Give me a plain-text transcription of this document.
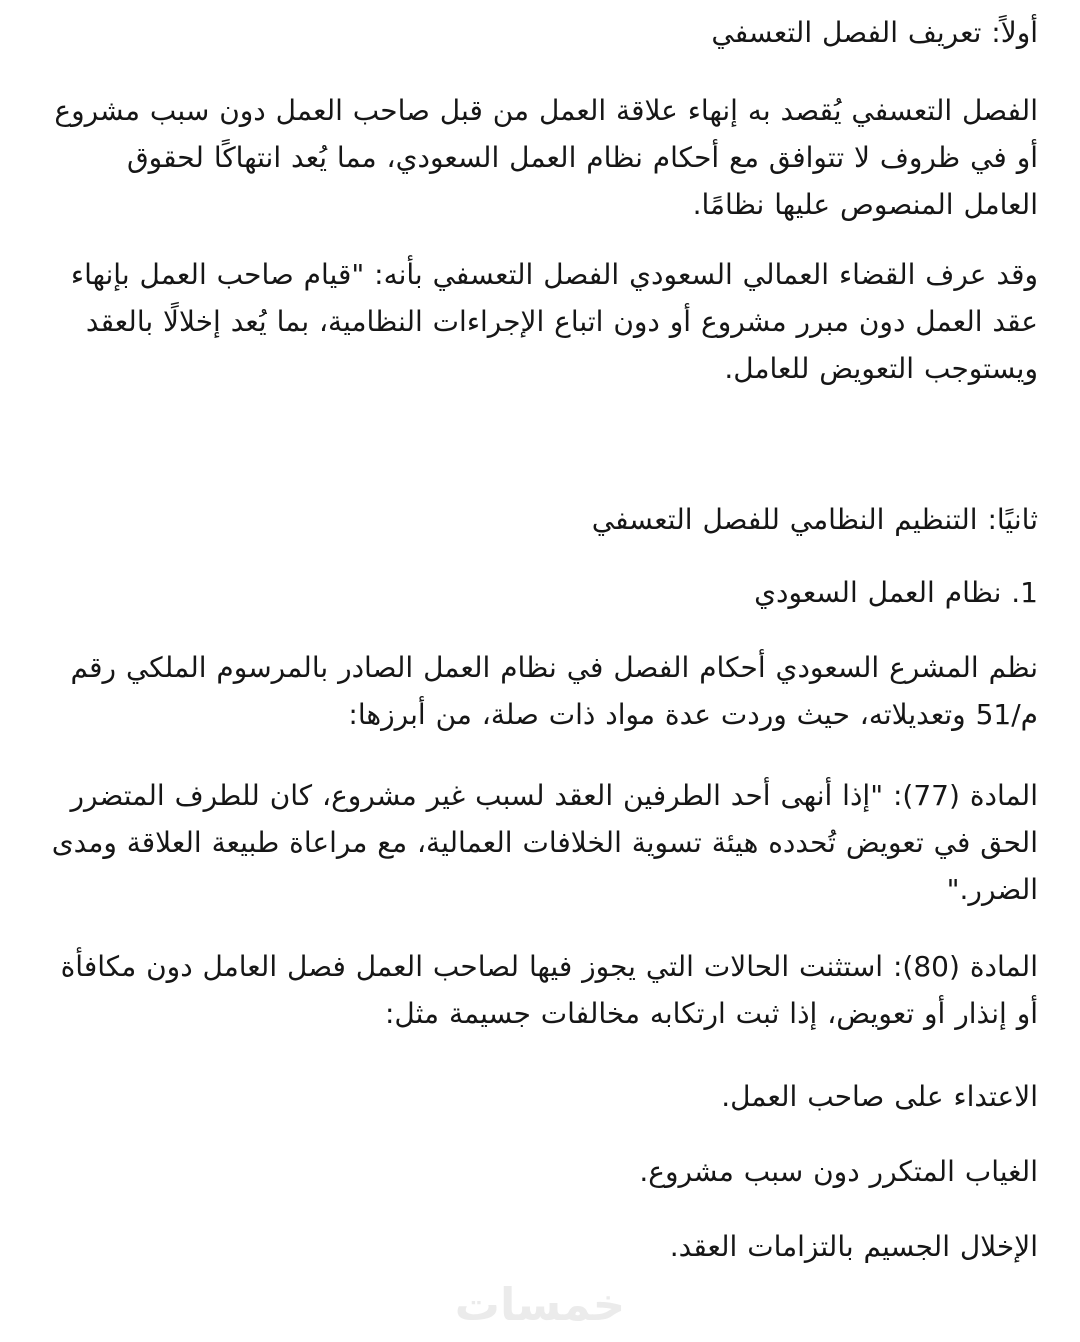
أولاً: تعريف الفصل التعسفي

الفصل التعسفي يُقصد به إنهاء علاقة العمل من قبل صاحب العمل دون سبب مشروع أو في ظروف لا تتوافق مع أحكام نظام العمل السعودي، مما يُعد انتهاكًا لحقوق العامل المنصوص عليها نظامًا.

وقد عرف القضاء العمالي السعودي الفصل التعسفي بأنه: "قيام صاحب العمل بإنهاء عقد العمل دون مبرر مشروع أو دون اتباع الإجراءات النظامية، بما يُعد إخلالًا بالعقد ويستوجب التعويض للعامل.

ثانيًا: التنظيم النظامي للفصل التعسفي

1. نظام العمل السعودي

نظم المشرع السعودي أحكام الفصل في نظام العمل الصادر بالمرسوم الملكي رقم م/51 وتعديلاته، حيث وردت عدة مواد ذات صلة، من أبرزها:

المادة (77): "إذا أنهى أحد الطرفين العقد لسبب غير مشروع، كان للطرف المتضرر الحق في تعويض تُحدده هيئة تسوية الخلافات العمالية، مع مراعاة طبيعة العلاقة ومدى الضرر."

المادة (80): استثنت الحالات التي يجوز فيها لصاحب العمل فصل العامل دون مكافأة أو إنذار أو تعويض، إذا ثبت ارتكابه مخالفات جسيمة مثل:

الاعتداء على صاحب العمل.

الغياب المتكرر دون سبب مشروع.

الإخلال الجسيم بالتزامات العقد.

خمسات
